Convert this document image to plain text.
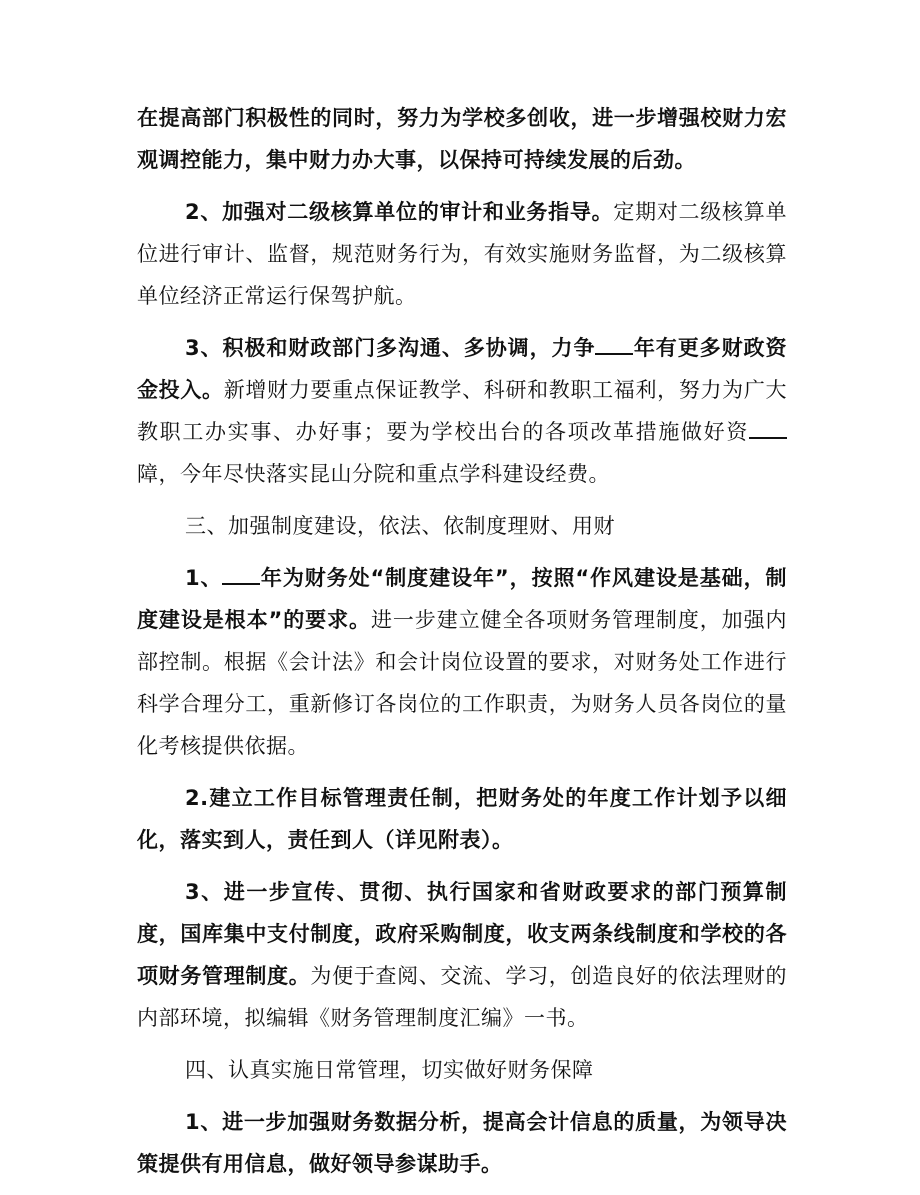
在提高部门积极性的同时，努力为学校多创收，进一步增强校财力宏观调控能力，集中财力办大事，以保持可持续发展的后劲。

2、加强对二级核算单位的审计和业务指导。定期对二级核算单位进行审计、监督，规范财务行为，有效实施财务监督，为二级核算单位经济正常运行保驾护航。

3、积极和财政部门多沟通、多协调，力争 年有更多财政资金投入。新增财力要重点保证教学、科研和教职工福利，努力为广大教职工办实事、办好事；要为学校出台的各项改革措施做好资障，今年尽快落实昆山分院和重点学科建设经费。

三、加强制度建设，依法、依制度理财、用财

1、 年为财务处“制度建设年”，按照“作风建设是基础，制度建设是根本”的要求。进一步建立健全各项财务管理制度，加强内部控制。根据《会计法》和会计岗位设置的要求，对财务处工作进行科学合理分工，重新修订各岗位的工作职责，为财务人员各岗位的量化考核提供依据。

2.建立工作目标管理责任制，把财务处的年度工作计划予以细化，落实到人，责任到人（详见附表）。

3、进一步宣传、贯彻、执行国家和省财政要求的部门预算制度，国库集中支付制度，政府采购制度，收支两条线制度和学校的各项财务管理制度。为便于查阅、交流、学习，创造良好的依法理财的内部环境，拟编辑《财务管理制度汇编》一书。

四、认真实施日常管理，切实做好财务保障

1、进一步加强财务数据分析，提高会计信息的质量，为领导决策提供有用信息，做好领导参谋助手。
